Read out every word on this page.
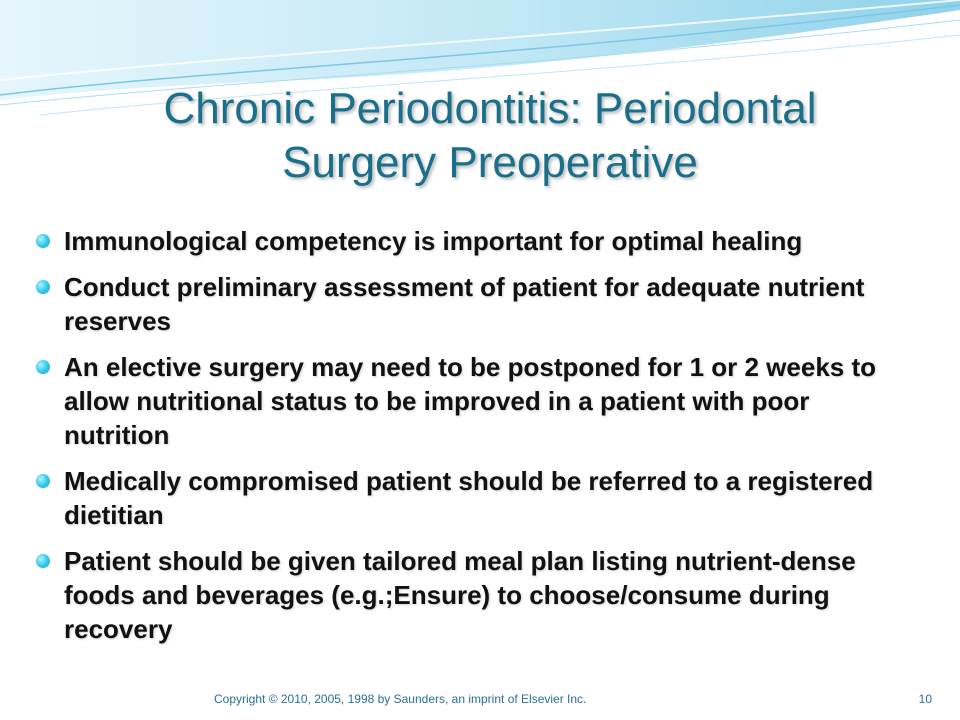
Chronic Periodontitis: Periodontal
Surgery Preoperative
Immunological competency is important for optimal healing
Conduct preliminary assessment of patient for adequate nutrient reserves
An elective surgery may need to be postponed for 1 or 2 weeks to allow nutritional status to be improved in a patient with poor nutrition
Medically compromised patient should be referred to a registered dietitian
Patient should be given tailored meal plan listing nutrient-dense foods and beverages (e.g.;Ensure) to choose/consume during recovery
Copyright © 2010, 2005, 1998 by Saunders, an imprint of Elsevier Inc.	10
